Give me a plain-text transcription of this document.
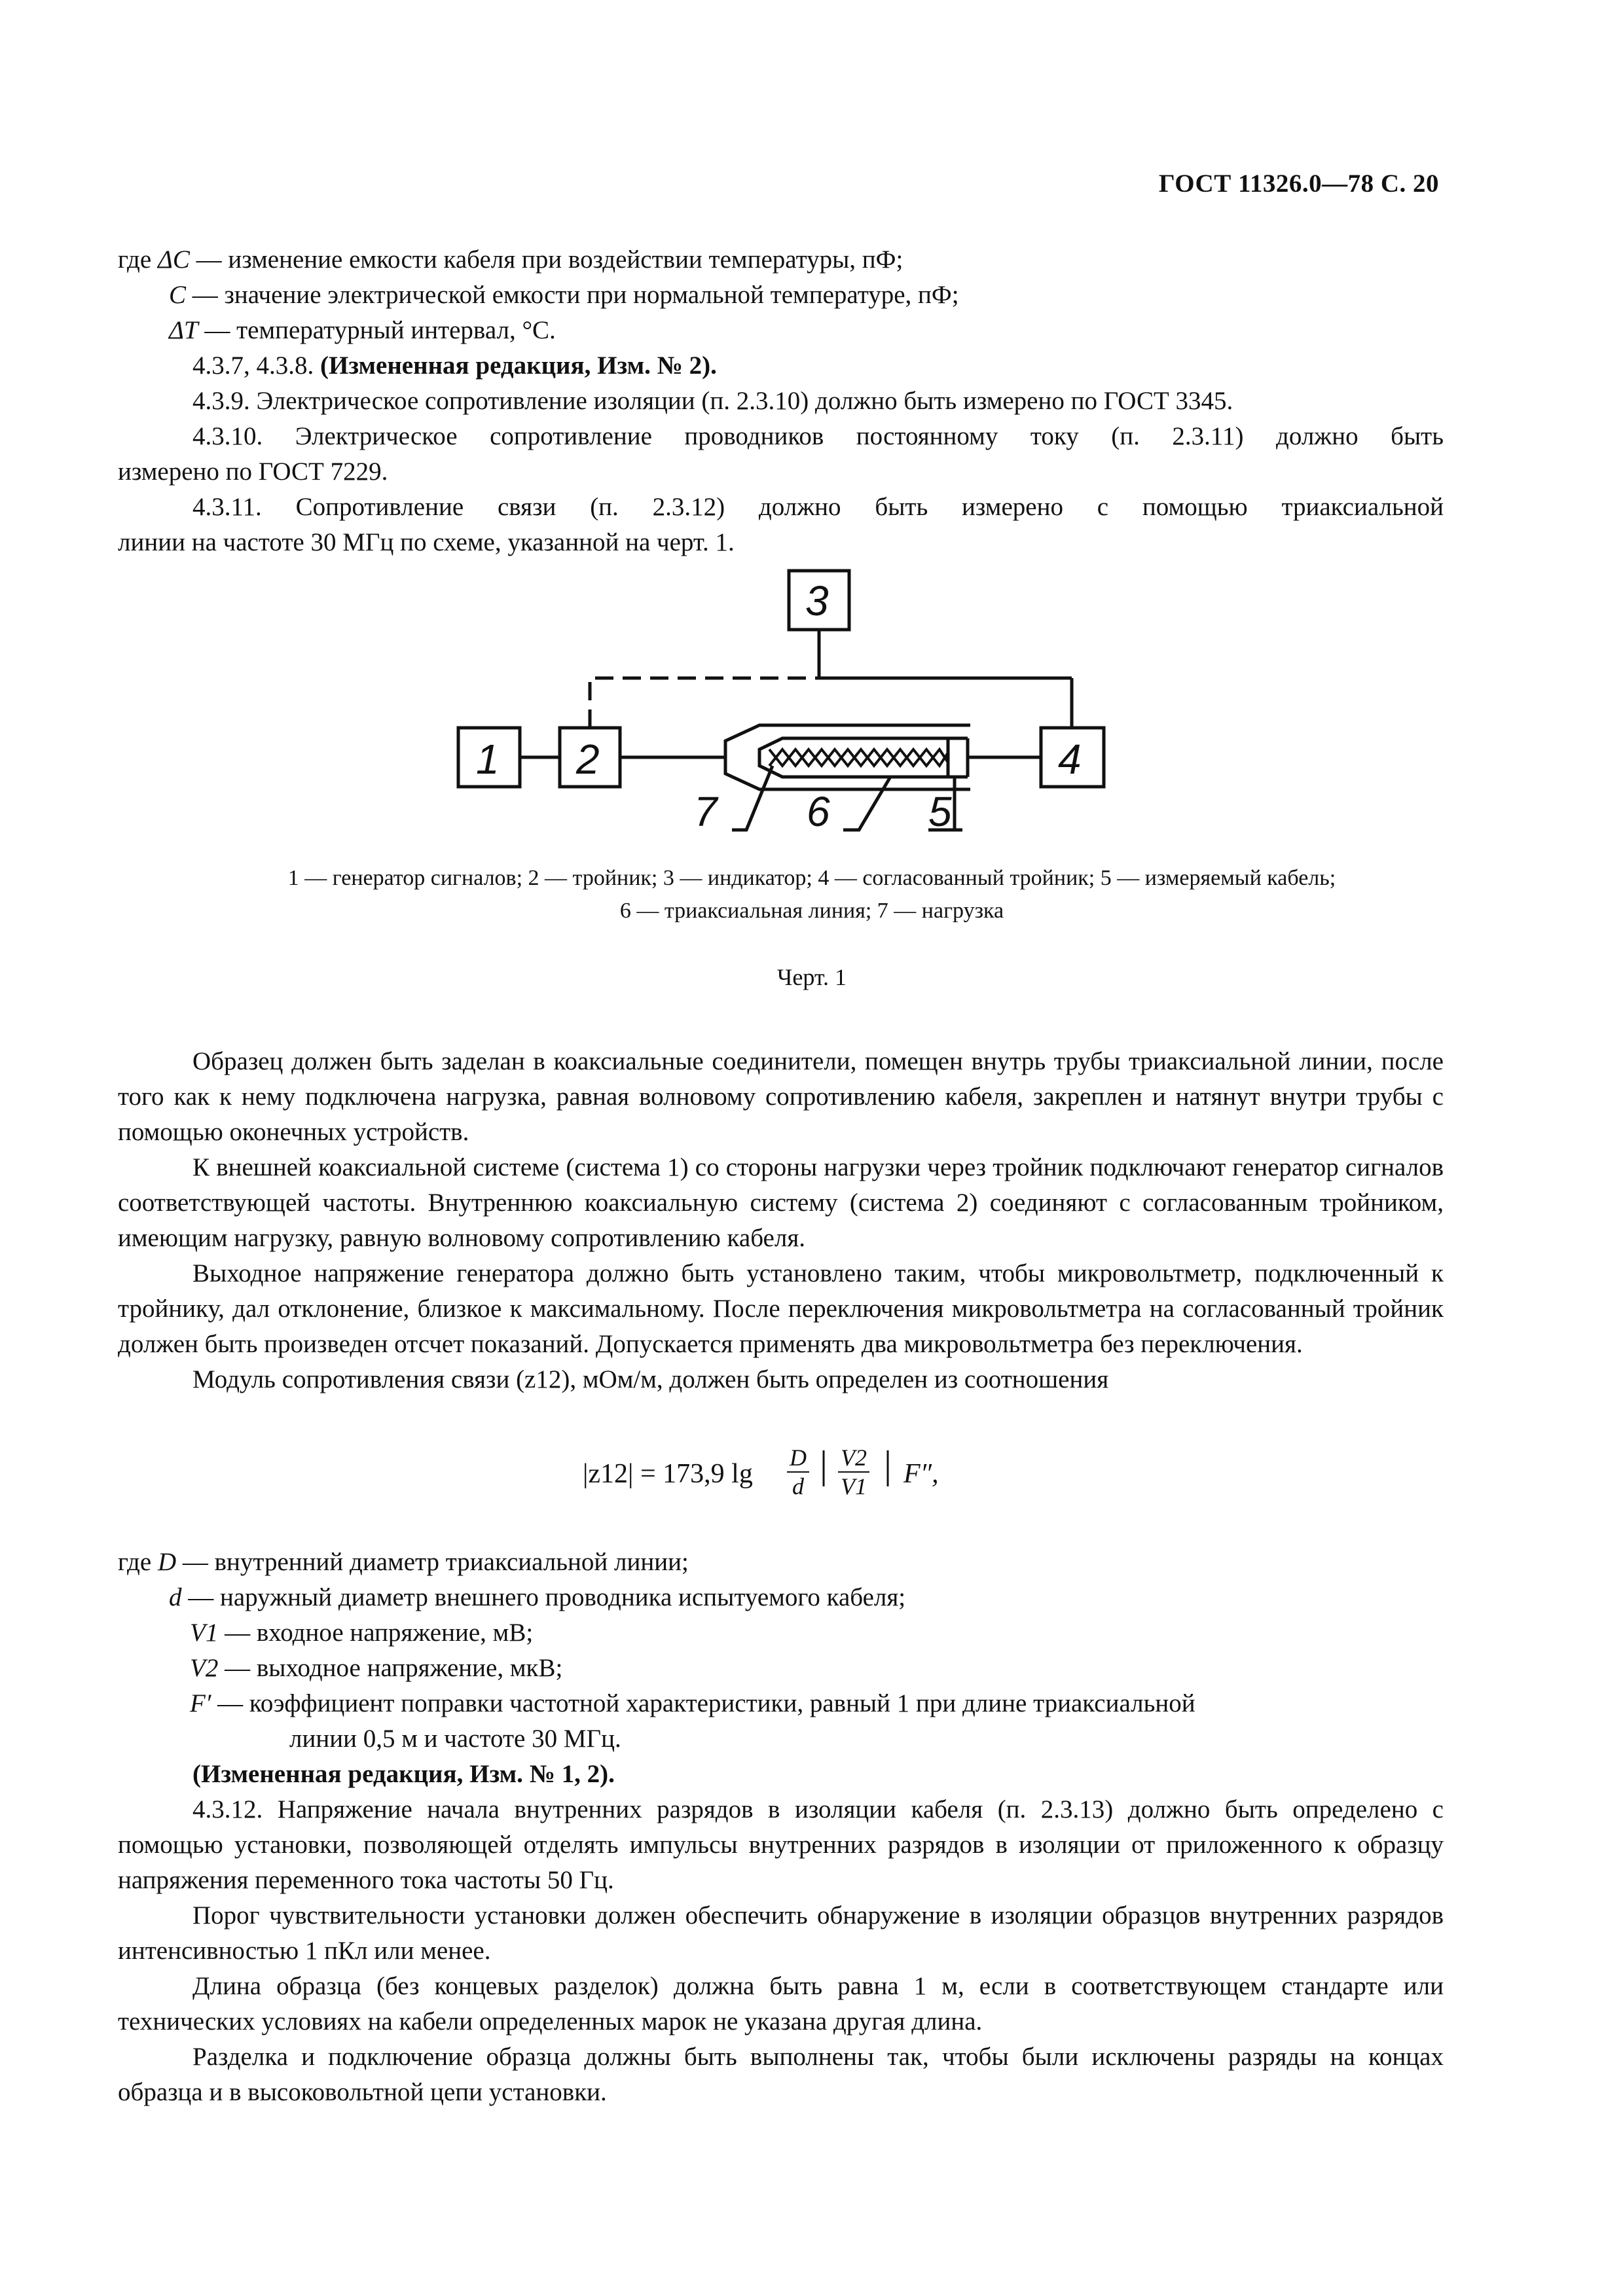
ГОСТ 11326.0—78 С. 20
где ΔC — изменение емкости кабеля при воздействии температуры, пФ;
C — значение электрической емкости при нормальной температуре, пФ;
ΔT — температурный интервал, °С.
4.3.7, 4.3.8. (Измененная редакция, Изм. № 2).
4.3.9. Электрическое сопротивление изоляции (п. 2.3.10) должно быть измерено по ГОСТ 3345.
4.3.10. Электрическое сопротивление проводников постоянному току (п. 2.3.11) должно быть
измерено по ГОСТ 7229.
4.3.11. Сопротивление связи (п. 2.3.12) должно быть измерено с помощью триаксиальной
линии на частоте 30 МГц по схеме, указанной на черт. 1.
3
1 2	4
7 6 5
1 — генератор сигналов; 2 — тройник; 3 — индикатор; 4 — согласованный тройник; 5 — измеряемый кабель;
6 — триаксиальная линия; 7 — нагрузка
Черт. 1
Образец должен быть заделан в коаксиальные соединители, помещен внутрь трубы триаксиальной линии, после того как к нему подключена нагрузка, равная волновому сопротивлению кабеля, закреплен и натянут внутри трубы с помощью оконечных устройств.
К внешней коаксиальной системе (система 1) со стороны нагрузки через тройник подключают генератор сигналов соответствующей частоты. Внутреннюю коаксиальную систему (система 2) соединяют с согласованным тройником, имеющим нагрузку, равную волновому сопротивлению кабеля.
Выходное напряжение генератора должно быть установлено таким, чтобы микровольтметр, подключенный к тройнику, дал отклонение, близкое к максимальному. После переключения микровольтметра на согласованный тройник должен быть произведен отсчет показаний. Допускается применять два микровольтметра без переключения.
Модуль сопротивления связи (z12), мОм/м, должен быть определен из соотношения
|z12| = 173,9 $\lg \frac{D}{d}$ | $\frac{V2}{V1}$ | F″,
где D — внутренний диаметр триаксиальной линии;
d — наружный диаметр внешнего проводника испытуемого кабеля;
V1 — входное напряжение, мВ;
V2 — выходное напряжение, мкВ;
F′ — коэффициент поправки частотной характеристики, равный 1 при длине триаксиальной
линии 0,5 м и частоте 30 МГц.
(Измененная редакция, Изм. № 1, 2).
4.3.12. Напряжение начала внутренних разрядов в изоляции кабеля (п. 2.3.13) должно быть определено с помощью установки, позволяющей отделять импульсы внутренних разрядов в изоляции от приложенного к образцу напряжения переменного тока частоты 50 Гц.
Порог чувствительности установки должен обеспечить обнаружение в изоляции образцов внутренних разрядов интенсивностью 1 пКл или менее.
Длина образца (без концевых разделок) должна быть равна 1 м, если в соответствующем стандарте или технических условиях на кабели определенных марок не указана другая длина.
Разделка и подключение образца должны быть выполнены так, чтобы были исключены разряды на концах образца и в высоковольтной цепи установки.
